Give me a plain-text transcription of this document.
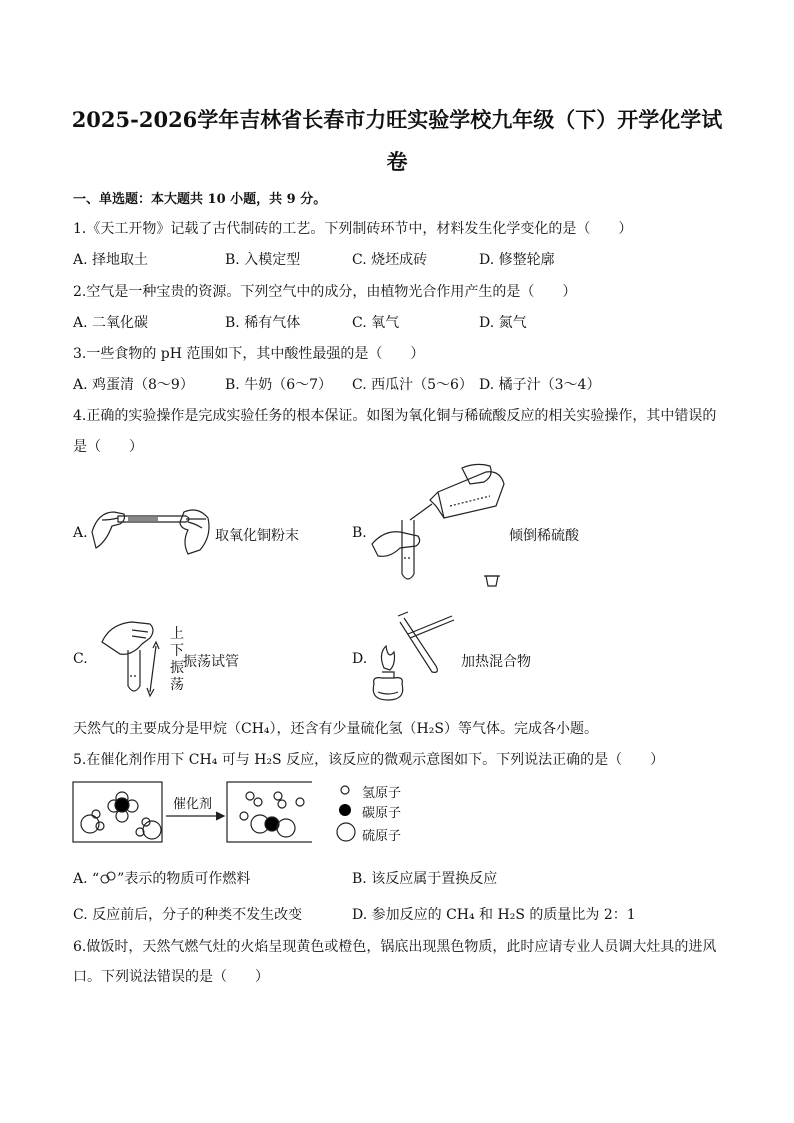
2025-2026学年吉林省长春市力旺实验学校九年级（下）开学化学试
卷
一、单选题：本大题共 10 小题，共 9 分。
1.《天工开物》记载了古代制砖的工艺。下列制砖环节中，材料发生化学变化的是（　　）
A. 择地取土	B. 入模定型	C. 烧坯成砖	D. 修整轮廓
2.空气是一种宝贵的资源。下列空气中的成分，由植物光合作用产生的是（　　）
A. 二氧化碳	B. 稀有气体	C. 氧气	D. 氮气
3.一些食物的 pH 范围如下，其中酸性最强的是（　　）
A. 鸡蛋清（8～9） B. 牛奶（6～7） C. 西瓜汁（5～6） D. 橘子汁（3～4）
4.正确的实验操作是完成实验任务的根本保证。如图为氧化铜与稀硫酸反应的相关实验操作，其中错误的
是（　　）
A.	取氧化铜粉末	B.	倾倒稀硫酸
C.
上
下
振
荡
振荡试管	D.	加热混合物
天然气的主要成分是甲烷（CH₄），还含有少量硫化氢（H₂S）等气体。完成各小题。
5.在催化剂作用下 CH₄ 可与 H₂S 反应，该反应的微观示意图如下。下列说法正确的是（　　）
催化剂
氢原子
碳原子
硫原子
A. “ ”表示的物质可作燃料	B. 该反应属于置换反应
C. 反应前后，分子的种类不发生改变	D. 参加反应的 CH₄ 和 H₂S 的质量比为 2：1
6.做饭时，天然气燃气灶的火焰呈现黄色或橙色，锅底出现黑色物质，此时应请专业人员调大灶具的进风
口。下列说法错误的是（　　）
